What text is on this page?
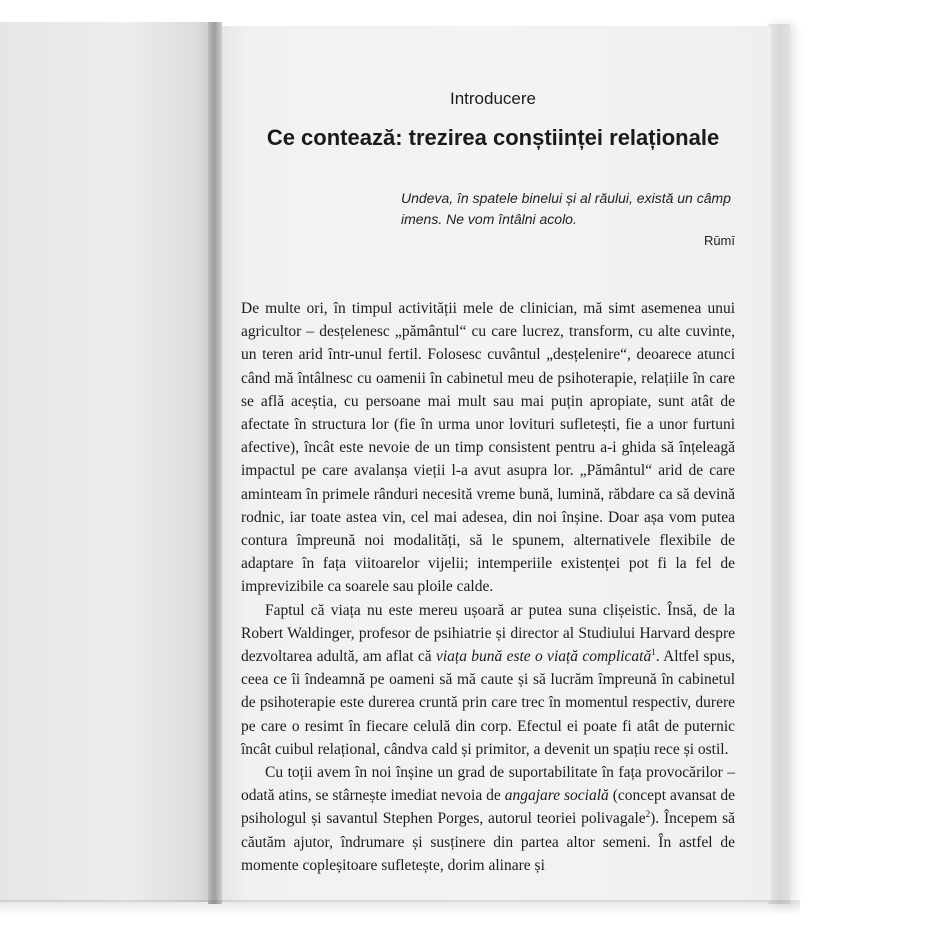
Introducere
Ce contează: trezirea conștiinței relaționale
Undeva, în spatele binelui și al răului, există un câmp imens. Ne vom întâlni acolo.
Rūmī

De multe ori, în timpul activității mele de clinician, mă simt asemenea unui agricultor – desțelenesc „pământul“ cu care lucrez, transform, cu alte cuvinte, un teren arid într-unul fertil. Folosesc cuvântul „desțelenire“, deoarece atunci când mă întâlnesc cu oamenii în cabinetul meu de psihoterapie, relațiile în care se află aceștia, cu persoane mai mult sau mai puțin apropiate, sunt atât de afectate în structura lor (fie în urma unor lovituri sufletești, fie a unor furtuni afective), încât este nevoie de un timp consistent pentru a-i ghida să înțeleagă impactul pe care avalanșa vieții l-a avut asupra lor. „Pământul“ arid de care aminteam în primele rânduri necesită vreme bună, lumină, răbdare ca să devină rodnic, iar toate astea vin, cel mai adesea, din noi înșine. Doar așa vom putea contura împreună noi modalități, să le spunem, alternativele flexibile de adaptare în fața viitoarelor vijelii; intemperiile existenței pot fi la fel de imprevizibile ca soarele sau ploile calde.

Faptul că viața nu este mereu ușoară ar putea suna clișeistic. Însă, de la Robert Waldinger, profesor de psihiatrie și director al Studiului Harvard despre dezvoltarea adultă, am aflat că viața bună este o viață complicată$^1$. Altfel spus, ceea ce îi îndeamnă pe oameni să mă caute și să lucrăm împreună în cabinetul de psihoterapie este durerea cruntă prin care trec în momentul respectiv, durere pe care o resimt în fiecare celulă din corp. Efectul ei poate fi atât de puternic încât cuibul relațional, cândva cald și primitor, a devenit un spațiu rece și ostil.

Cu toții avem în noi înșine un grad de suportabilitate în fața provocărilor – odată atins, se stârnește imediat nevoia de angajare socială (concept avansat de psihologul și savantul Stephen Porges, autorul teoriei polivagale$^2$). Începem să căutăm ajutor, îndrumare și susținere din partea altor semeni. În astfel de momente copleșitoare sufletește, dorim alinare și
